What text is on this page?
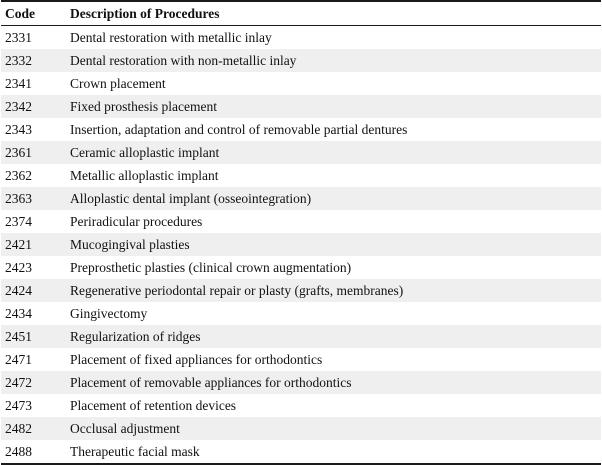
Code	Description of Procedures
2331	Dental restoration with metallic inlay
2332	Dental restoration with non-metallic inlay
2341	Crown placement
2342	Fixed prosthesis placement
2343	Insertion, adaptation and control of removable partial dentures
2361	Ceramic alloplastic implant
2362	Metallic alloplastic implant
2363	Alloplastic dental implant (osseointegration)
2374	Periradicular procedures
2421	Mucogingival plasties
2423	Preprosthetic plasties (clinical crown augmentation)
2424	Regenerative periodontal repair or plasty (grafts, membranes)
2434	Gingivectomy
2451	Regularization of ridges
2471	Placement of fixed appliances for orthodontics
2472	Placement of removable appliances for orthodontics
2473	Placement of retention devices
2482	Occlusal adjustment
2488	Therapeutic facial mask
